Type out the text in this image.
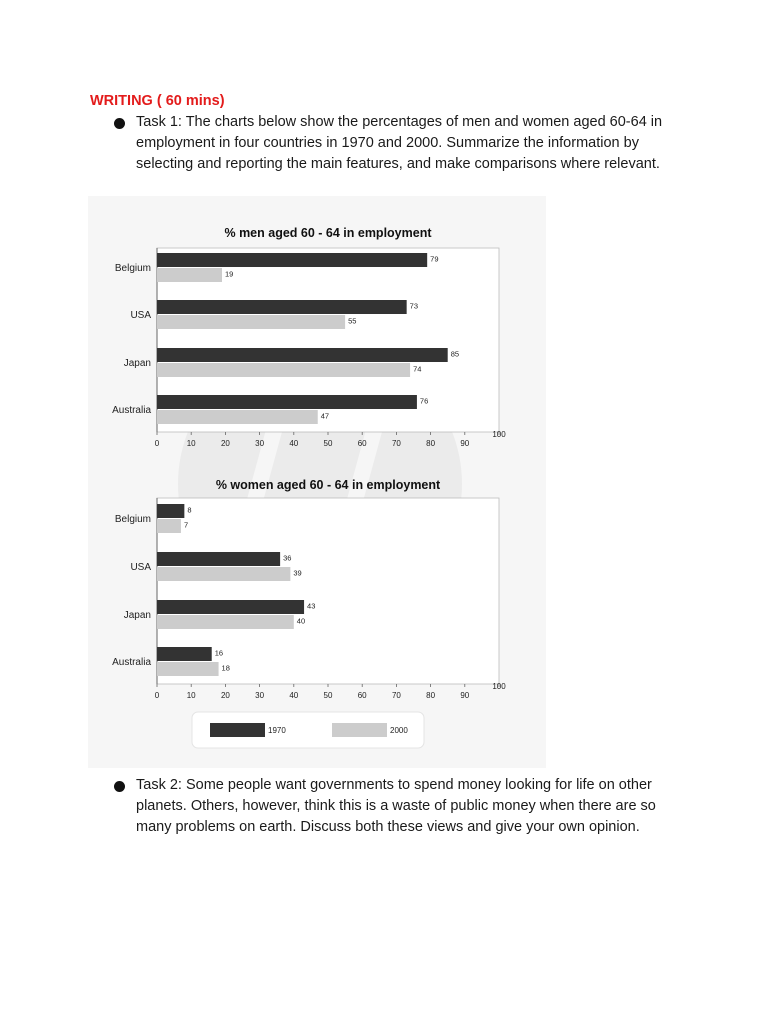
WRITING ( 60 mins)
Task 1: The charts below show the percentages of men and women aged 60-64 in employment in four countries in 1970 and 2000. Summarize the information by selecting and reporting the main features, and make comparisons where relevant.
% men aged 60 - 64 in employment
0	10	20	30	40	50	60	70	80	90
100
Belgium
79
19
USA
73
55
Japan
85
74
Australia
76
47
% women aged 60 - 64 in employment
0	10	20	30	40	50	60	70	80	90
100
Belgium
8
7
USA
36
39
Japan
43
40
Australia
16
18
1970	2000
Task 2: Some people want governments to spend money looking for life on other planets. Others, however, think this is a waste of public money when there are so many problems on earth. Discuss both these views and give your own opinion.
